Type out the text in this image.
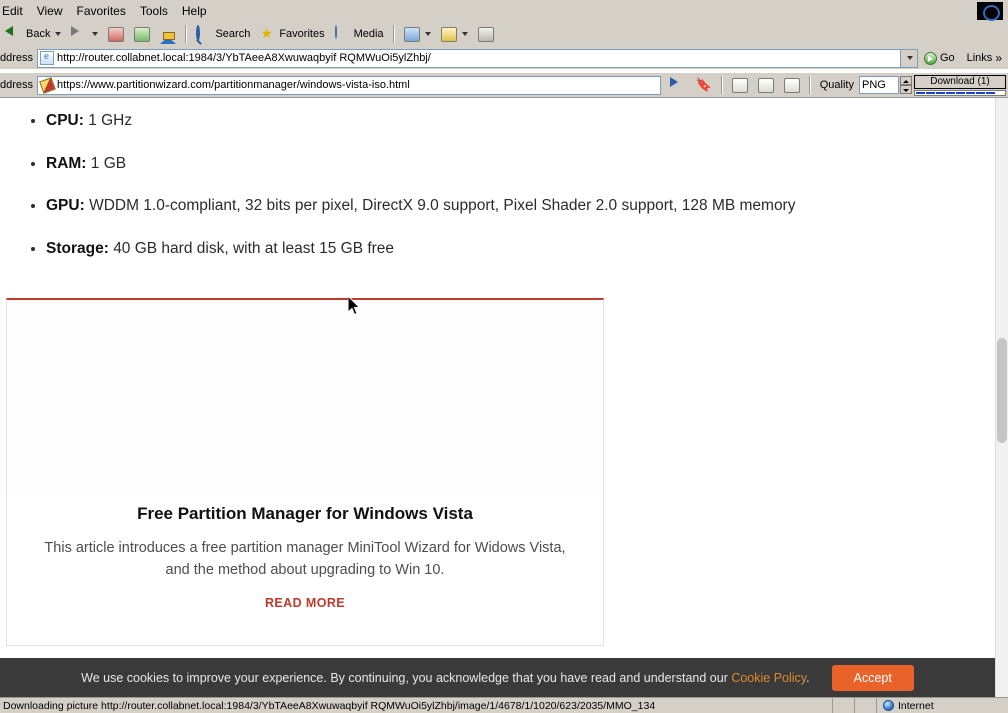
Edit	View	Favorites	Tools	Help
Back	Search ★ Favorites	Media
ddress e	http://router.collabnet.local:1984/3/YbTAeeA8Xwuwaqbyif RQMWuOi5ylZhbj/	Go Links »
ddress	https://www.partitionwizard.com/partitionmanager/windows-vista-iso.html	🔖	Quality PNG	Download (1)
• CPU: 1 GHz
• RAM: 1 GB
• GPU: WDDM 1.0-compliant, 32 bits per pixel, DirectX 9.0 support, Pixel Shader 2.0 support, 128 MB memory
• Storage: 40 GB hard disk, with at least 15 GB free
Free Partition Manager for Windows Vista
This article introduces a free partition manager MiniTool Wizard for Widows Vista, and the method about upgrading to Win 10.
READ MORE
We use cookies to improve your experience. By continuing, you acknowledge that you have read and understand our Cookie Policy.	Accept
Downloading picture http://router.collabnet.local:1984/3/YbTAeeA8Xwuwaqbyif RQMWuOi5ylZhbj/image/1/4678/1/1020/623/2035/MMO_134	Internet
